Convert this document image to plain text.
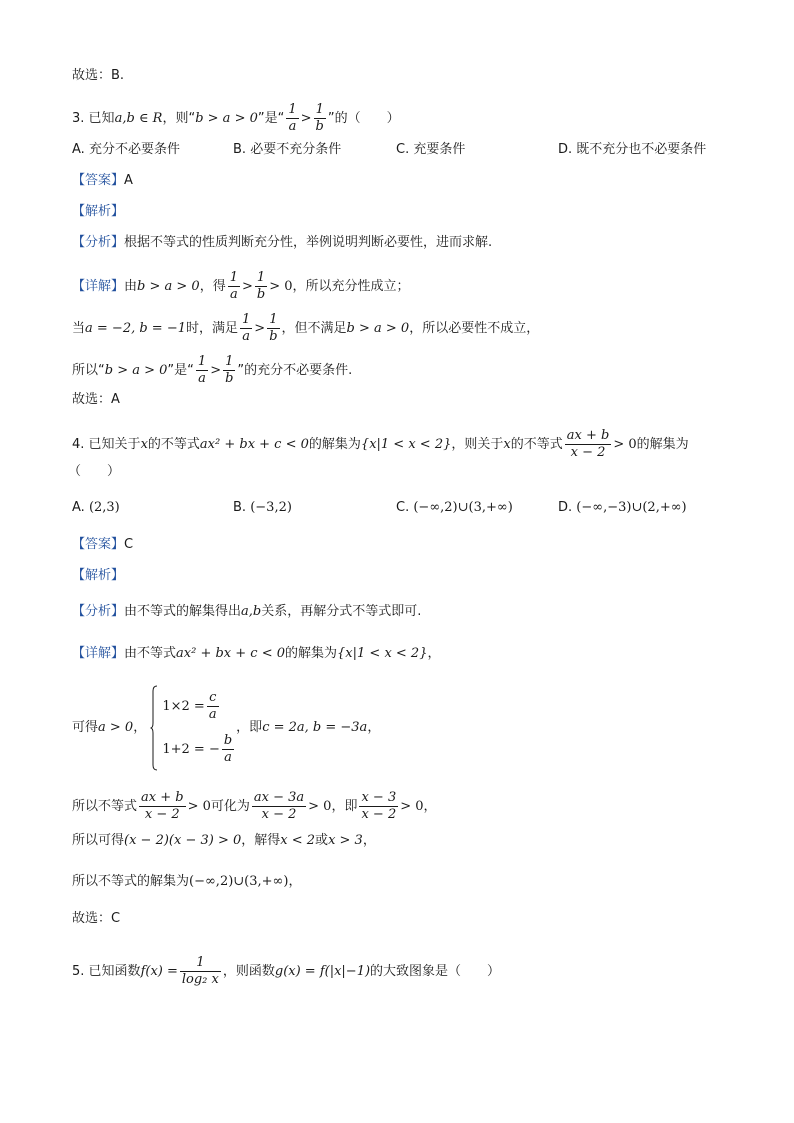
故选：B.
3. 已知a,b ∈ R，则“b > a > 0”是“ $\frac{1}{a} > \frac{1}{b}$ ”的（　　）
A. 充分不必要条件	B. 必要不充分条件	C. 充要条件	D. 既不充分也不必要条件
【答案】A
【解析】
【分析】根据不等式的性质判断充分性，举例说明判断必要性，进而求解.
【详解】由b > a > 0，得 $\frac{1}{a} > \frac{1}{b} > 0$，所以充分性成立；
当a = −2, b = −1时，满足 $\frac{1}{a} > \frac{1}{b}$ ，但不满足b > a > 0，所以必要性不成立，
所以“b > a > 0”是“ $\frac{1}{a} > \frac{1}{b}$ ”的充分不必要条件.
故选：A
4. 已知关于x的不等式ax² + bx + c < 0的解集为{x|1 < x < 2}，则关于x的不等式 $\frac{ax + b}{x - 2} > 0$的解集为
（　　）
A. (2,3)	B. (−3,2)	C. (−∞,2)∪(3,+∞)	D. (−∞,−3)∪(2,+∞)
【答案】C
【解析】
【分析】由不等式的解集得出a,b关系，再解分式不等式即可.
【详解】由不等式ax² + bx + c < 0的解集为{x|1 < x < 2}，
可得a > 0，
$1\times 2 = \frac{c}{a}$
1+2 = − $\frac{b}{a}$
，即c = 2a, b = −3a，
所以不等式 $\frac{ax + b}{x - 2} > 0$可化为 $\frac{ax - 3a}{x - 2} > 0$，即 $\frac{x - 3}{x - 2} > 0$，
所以可得(x − 2)(x − 3) > 0，解得x < 2或x > 3，
所以不等式的解集为(−∞,2)∪(3,+∞)，
故选：C
5. 已知函数$f(x) = \frac{1}{\text{log₂ x}}$ ，则函数g(x) = f(|x|−1)的大致图象是（　　）
